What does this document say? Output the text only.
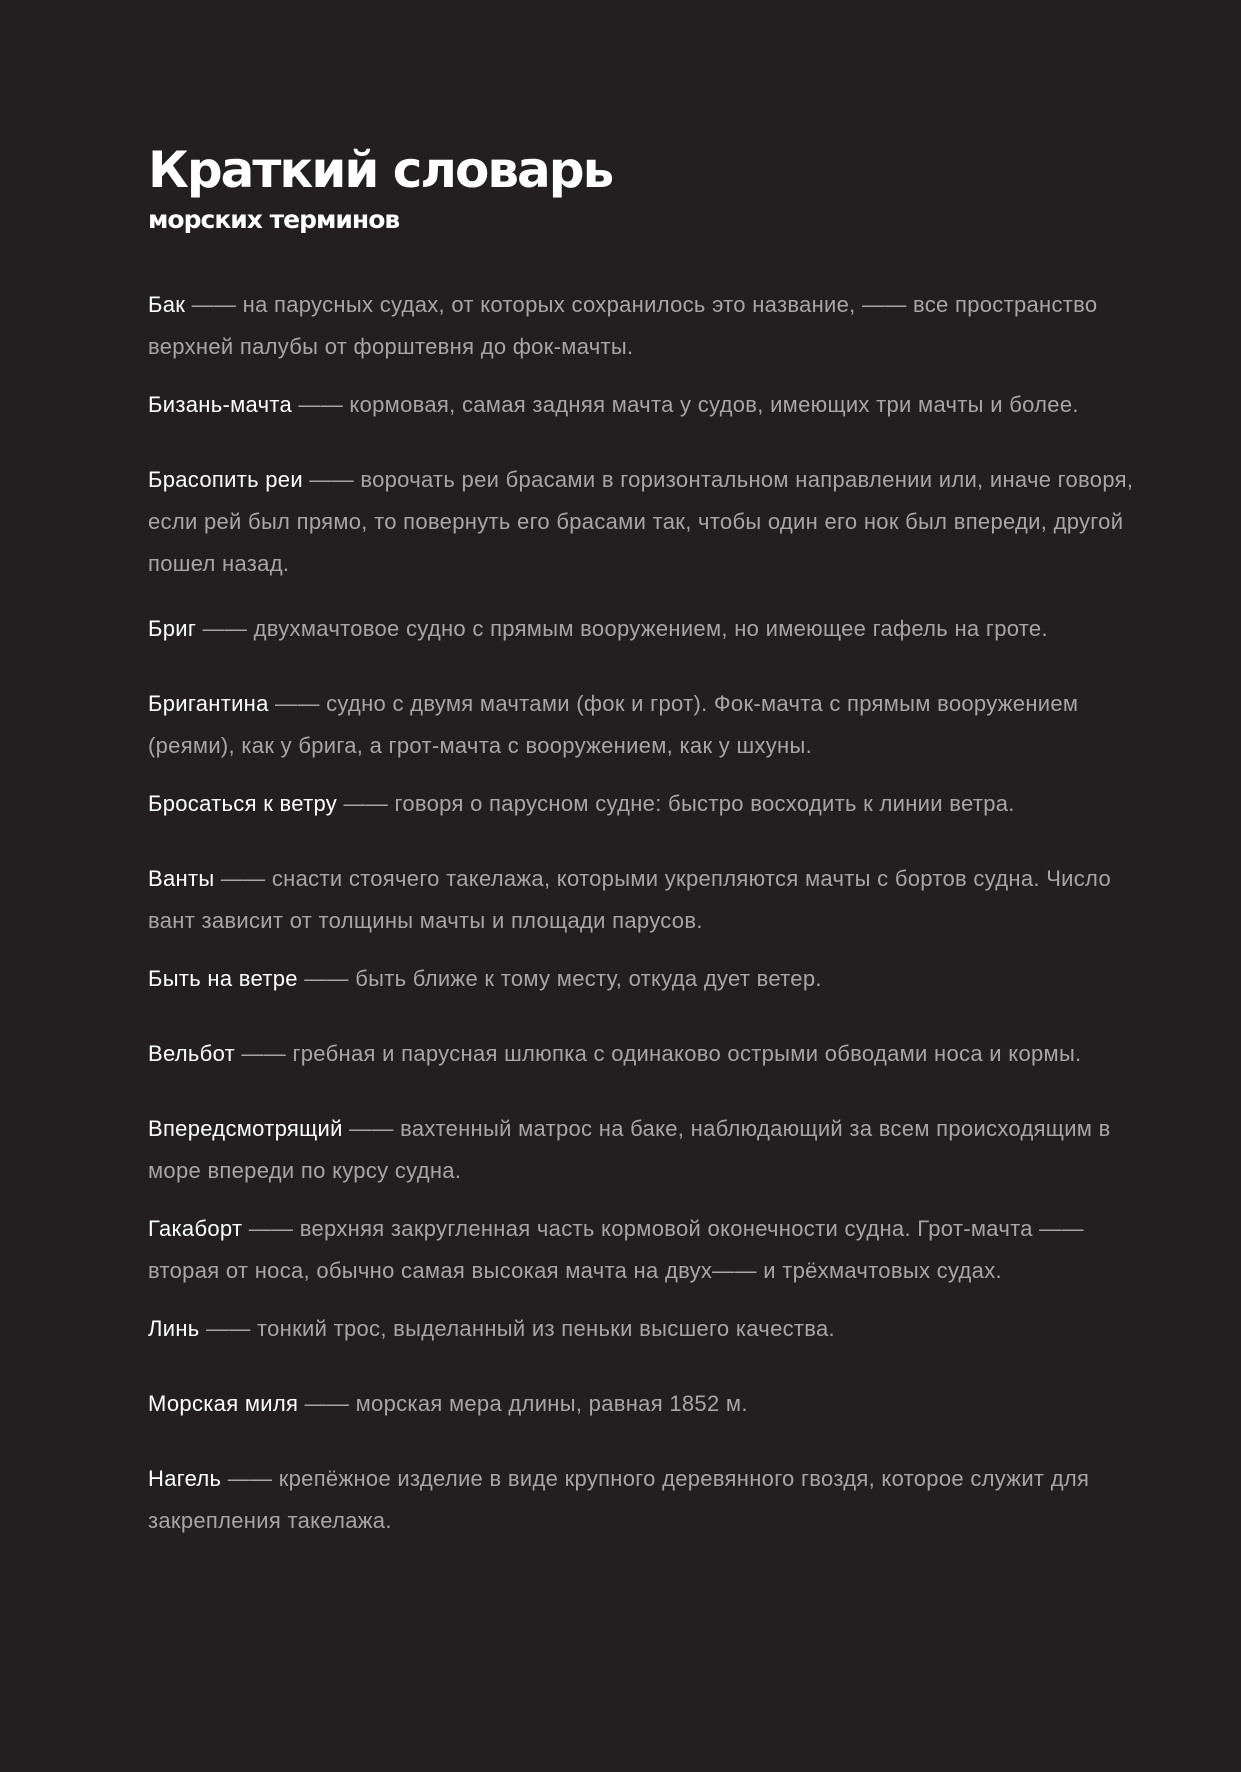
Краткий словарь
морских терминов

Бак —— на парусных судах, от которых сохранилось это название, —— все пространство верхней палубы от форштевня до фок-мачты.

Бизань-мачта —— кормовая, самая задняя мачта у судов, имеющих три мачты и более.

Брасопить реи —— ворочать реи брасами в горизонтальном направлении или, иначе говоря, если рей был прямо, то повернуть его брасами так, чтобы один его нок был впереди, другой пошел назад.

Бриг —— двухмачтовое судно с прямым вооружением, но имеющее гафель на гроте.

Бригантина —— судно с двумя мачтами (фок и грот). Фок-мачта с прямым вооружением (реями), как у брига, а грот-мачта с вооружением, как у шхуны.

Бросаться к ветру —— говоря о парусном судне: быстро восходить к линии ветра.

Ванты —— снасти стоячего такелажа, которыми укрепляются мачты с бортов судна. Число вант зависит от толщины мачты и площади парусов.

Быть на ветре —— быть ближе к тому месту, откуда дует ветер.

Вельбот —— гребная и парусная шлюпка с одинаково острыми обводами носа и кормы.

Впередсмотрящий —— вахтенный матрос на баке, наблюдающий за всем происходящим в море впереди по курсу судна.

Гакаборт —— верхняя закругленная часть кормовой оконечности судна. Грот-мачта —— вторая от носа, обычно самая высокая мачта на двух—— и трёхмачтовых судах.

Линь —— тонкий трос, выделанный из пеньки высшего качества.

Морская миля —— морская мера длины, равная 1852 м.

Нагель —— крепёжное изделие в виде крупного деревянного гвоздя, которое служит для закрепления такелажа.
